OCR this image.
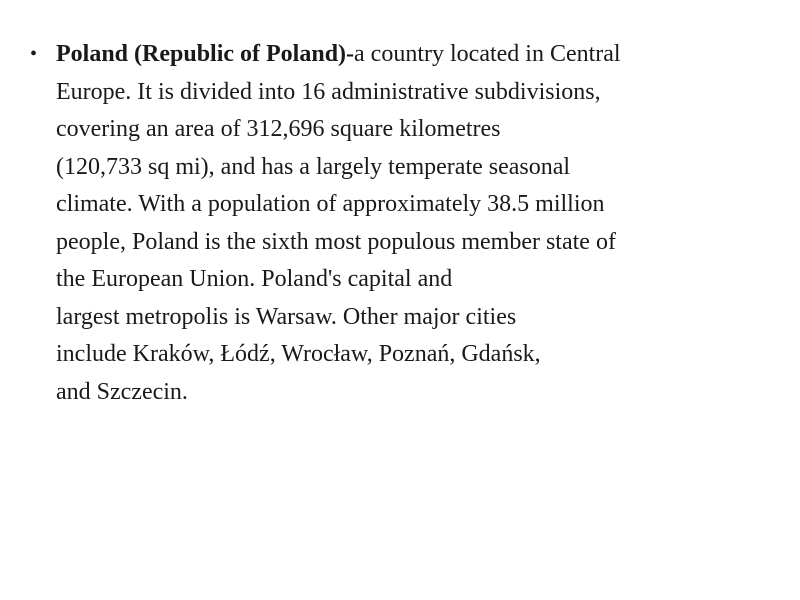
• Poland (Republic of Poland)-a country located in Central
Europe. It is divided into 16 administrative subdivisions,
covering an area of 312,696 square kilometres
(120,733 sq mi), and has a largely temperate seasonal
climate. With a population of approximately 38.5 million
people, Poland is the sixth most populous member state of
the European Union. Poland's capital and
largest metropolis is Warsaw. Other major cities
include Kraków, Łódź, Wrocław, Poznań, Gdańsk,
and Szczecin.
